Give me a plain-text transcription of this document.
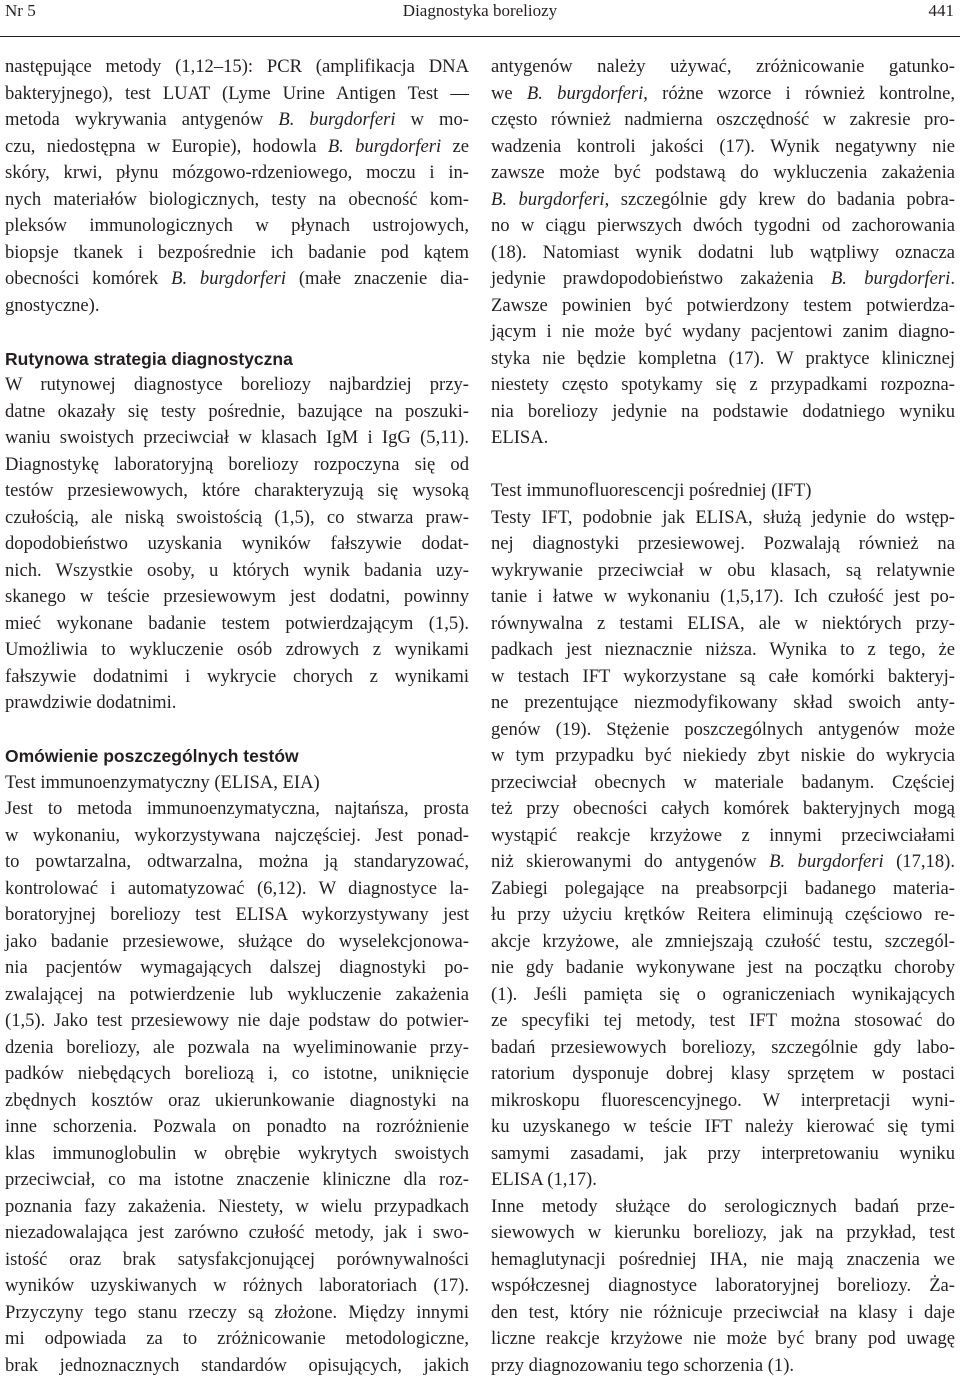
Nr 5	Diagnostyka boreliozy	441
następujące metody (1,12–15): PCR (amplifikacja DNA
bakteryjnego), test LUAT (Lyme Urine Antigen Test —
metoda wykrywania antygenów B. burgdorferi w mo-
czu, niedostępna w Europie), hodowla B. burgdorferi ze
skóry, krwi, płynu mózgowo-rdzeniowego, moczu i in-
nych materiałów biologicznych, testy na obecność kom-
pleksów immunologicznych w płynach ustrojowych,
biopsje tkanek i bezpośrednie ich badanie pod kątem
obecności komórek B. burgdorferi (małe znaczenie dia-
gnostyczne).
Rutynowa strategia diagnostyczna
W rutynowej diagnostyce boreliozy najbardziej przy-
datne okazały się testy pośrednie, bazujące na poszuki-
waniu swoistych przeciwciał w klasach IgM i IgG (5,11).
Diagnostykę laboratoryjną boreliozy rozpoczyna się od
testów przesiewowych, które charakteryzują się wysoką
czułością, ale niską swoistością (1,5), co stwarza praw-
dopodobieństwo uzyskania wyników fałszywie dodat-
nich. Wszystkie osoby, u których wynik badania uzy-
skanego w teście przesiewowym jest dodatni, powinny
mieć wykonane badanie testem potwierdzającym (1,5).
Umożliwia to wykluczenie osób zdrowych z wynikami
fałszywie dodatnimi i wykrycie chorych z wynikami
prawdziwie dodatnimi.
Omówienie poszczególnych testów
Test immunoenzymatyczny (ELISA, EIA)
Jest to metoda immunoenzymatyczna, najtańsza, prosta
w wykonaniu, wykorzystywana najczęściej. Jest ponad-
to powtarzalna, odtwarzalna, można ją standaryzować,
kontrolować i automatyzować (6,12). W diagnostyce la-
boratoryjnej boreliozy test ELISA wykorzystywany jest
jako badanie przesiewowe, służące do wyselekcjonowa-
nia pacjentów wymagających dalszej diagnostyki po-
zwalającej na potwierdzenie lub wykluczenie zakażenia
(1,5). Jako test przesiewowy nie daje podstaw do potwier-
dzenia boreliozy, ale pozwala na wyeliminowanie przy-
padków niebędących boreliozą i, co istotne, uniknięcie
zbędnych kosztów oraz ukierunkowanie diagnostyki na
inne schorzenia. Pozwala on ponadto na rozróżnienie
klas immunoglobulin w obrębie wykrytych swoistych
przeciwciał, co ma istotne znaczenie kliniczne dla roz-
poznania fazy zakażenia. Niestety, w wielu przypadkach
niezadowalająca jest zarówno czułość metody, jak i swo-
istość oraz brak satysfakcjonującej porównywalności
wyników uzyskiwanych w różnych laboratoriach (17).
Przyczyny tego stanu rzeczy są złożone. Między innymi
mi odpowiada za to zróżnicowanie metodologiczne,
brak jednoznacznych standardów opisujących, jakich
antygenów należy używać, zróżnicowanie gatunko-
we B. burgdorferi, różne wzorce i również kontrolne,
często również nadmierna oszczędność w zakresie pro-
wadzenia kontroli jakości (17). Wynik negatywny nie
zawsze może być podstawą do wykluczenia zakażenia
B. burgdorferi, szczególnie gdy krew do badania pobra-
no w ciągu pierwszych dwóch tygodni od zachorowania
(18). Natomiast wynik dodatni lub wątpliwy oznacza
jedynie prawdopodobieństwo zakażenia B. burgdorferi.
Zawsze powinien być potwierdzony testem potwierdza-
jącym i nie może być wydany pacjentowi zanim diagno-
styka nie będzie kompletna (17). W praktyce klinicznej
niestety często spotykamy się z przypadkami rozpozna-
nia boreliozy jedynie na podstawie dodatniego wyniku
ELISA.
Test immunofluorescencji pośredniej (IFT)
Testy IFT, podobnie jak ELISA, służą jedynie do wstęp-
nej diagnostyki przesiewowej. Pozwalają również na
wykrywanie przeciwciał w obu klasach, są relatywnie
tanie i łatwe w wykonaniu (1,5,17). Ich czułość jest po-
równywalna z testami ELISA, ale w niektórych przy-
padkach jest nieznacznie niższa. Wynika to z tego, że
w testach IFT wykorzystane są całe komórki bakteryj-
ne prezentujące niezmodyfikowany skład swoich anty-
genów (19). Stężenie poszczególnych antygenów może
w tym przypadku być niekiedy zbyt niskie do wykrycia
przeciwciał obecnych w materiale badanym. Częściej
też przy obecności całych komórek bakteryjnych mogą
wystąpić reakcje krzyżowe z innymi przeciwciałami
niż skierowanymi do antygenów B. burgdorferi (17,18).
Zabiegi polegające na preabsorpcji badanego materia-
łu przy użyciu krętków Reitera eliminują częściowo re-
akcje krzyżowe, ale zmniejszają czułość testu, szczegól-
nie gdy badanie wykonywane jest na początku choroby
(1). Jeśli pamięta się o ograniczeniach wynikających
ze specyfiki tej metody, test IFT można stosować do
badań przesiewowych boreliozy, szczególnie gdy labo-
ratorium dysponuje dobrej klasy sprzętem w postaci
mikroskopu fluorescencyjnego. W interpretacji wyni-
ku uzyskanego w teście IFT należy kierować się tymi
samymi zasadami, jak przy interpretowaniu wyniku
ELISA (1,17).
Inne metody służące do serologicznych badań prze-
siewowych w kierunku boreliozy, jak na przykład, test
hemaglutynacji pośredniej IHA, nie mają znaczenia we
współczesnej diagnostyce laboratoryjnej boreliozy. Ża-
den test, który nie różnicuje przeciwciał na klasy i daje
liczne reakcje krzyżowe nie może być brany pod uwagę
przy diagnozowaniu tego schorzenia (1).
